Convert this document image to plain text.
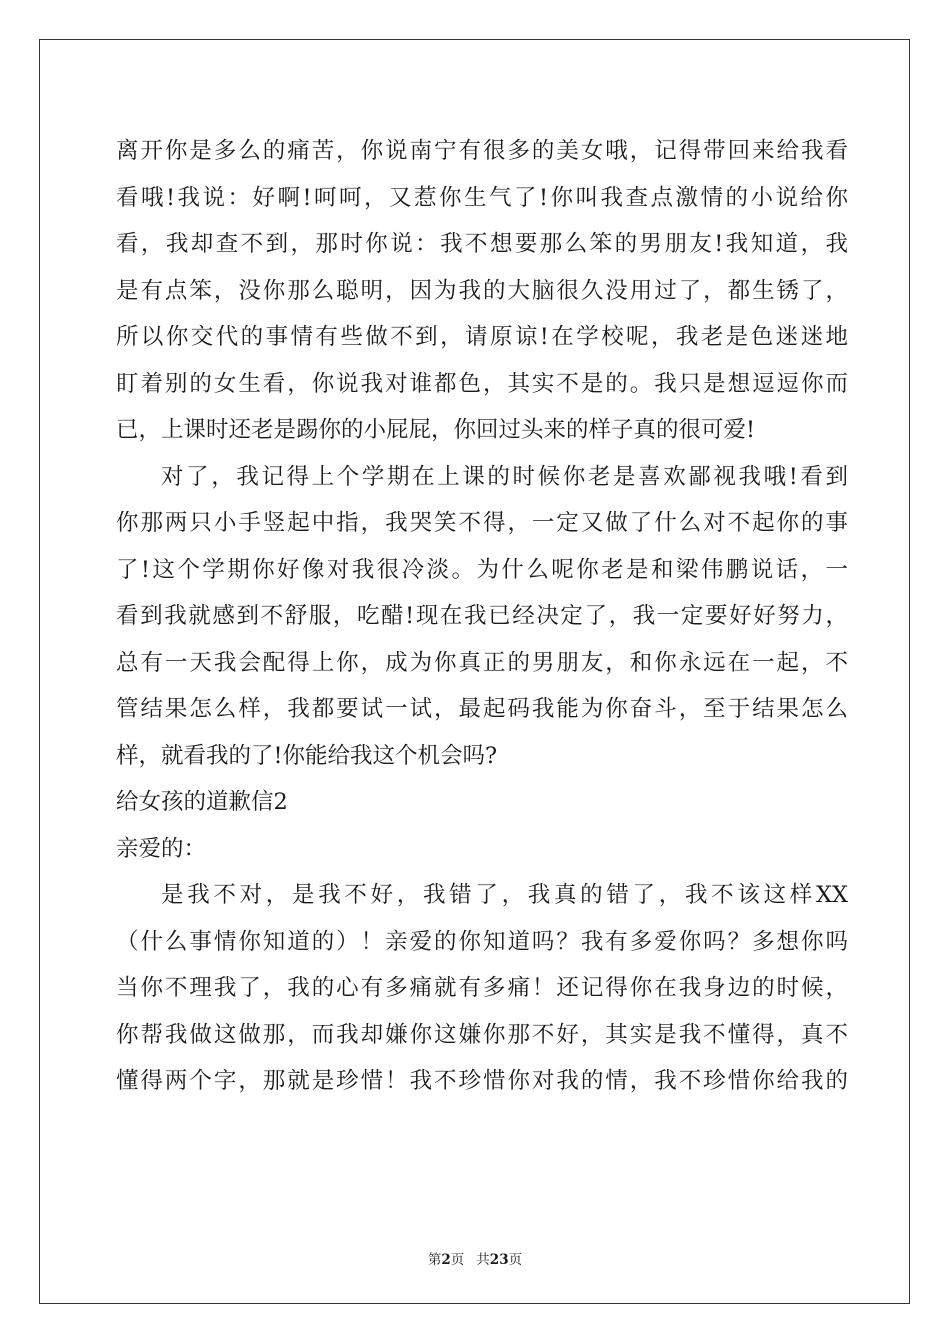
离开你是多么的痛苦，你说南宁有很多的美女哦，记得带回来给我看
看哦!我说：好啊!呵呵，又惹你生气了!你叫我查点激情的小说给你
看，我却查不到，那时你说：我不想要那么笨的男朋友!我知道，我
是有点笨，没你那么聪明，因为我的大脑很久没用过了，都生锈了，
所以你交代的事情有些做不到，请原谅!在学校呢，我老是色迷迷地
盯着别的女生看，你说我对谁都色，其实不是的。我只是想逗逗你而
已，上课时还老是踢你的小屁屁，你回过头来的样子真的很可爱!
对了，我记得上个学期在上课的时候你老是喜欢鄙视我哦!看到
你那两只小手竖起中指，我哭笑不得，一定又做了什么对不起你的事
了!这个学期你好像对我很冷淡。为什么呢你老是和梁伟鹏说话，一
看到我就感到不舒服，吃醋!现在我已经决定了，我一定要好好努力，
总有一天我会配得上你，成为你真正的男朋友，和你永远在一起，不
管结果怎么样，我都要试一试，最起码我能为你奋斗，至于结果怎么
样，就看我的了!你能给我这个机会吗?
给女孩的道歉信2
亲爱的：
是我不对，是我不好，我错了，我真的错了，我不该这样XX
（什么事情你知道的）！亲爱的你知道吗？我有多爱你吗？多想你吗
当你不理我了，我的心有多痛就有多痛！还记得你在我身边的时候，
你帮我做这做那，而我却嫌你这嫌你那不好，其实是我不懂得，真不
懂得两个字，那就是珍惜！我不珍惜你对我的情，我不珍惜你给我的
第2页 共23页
